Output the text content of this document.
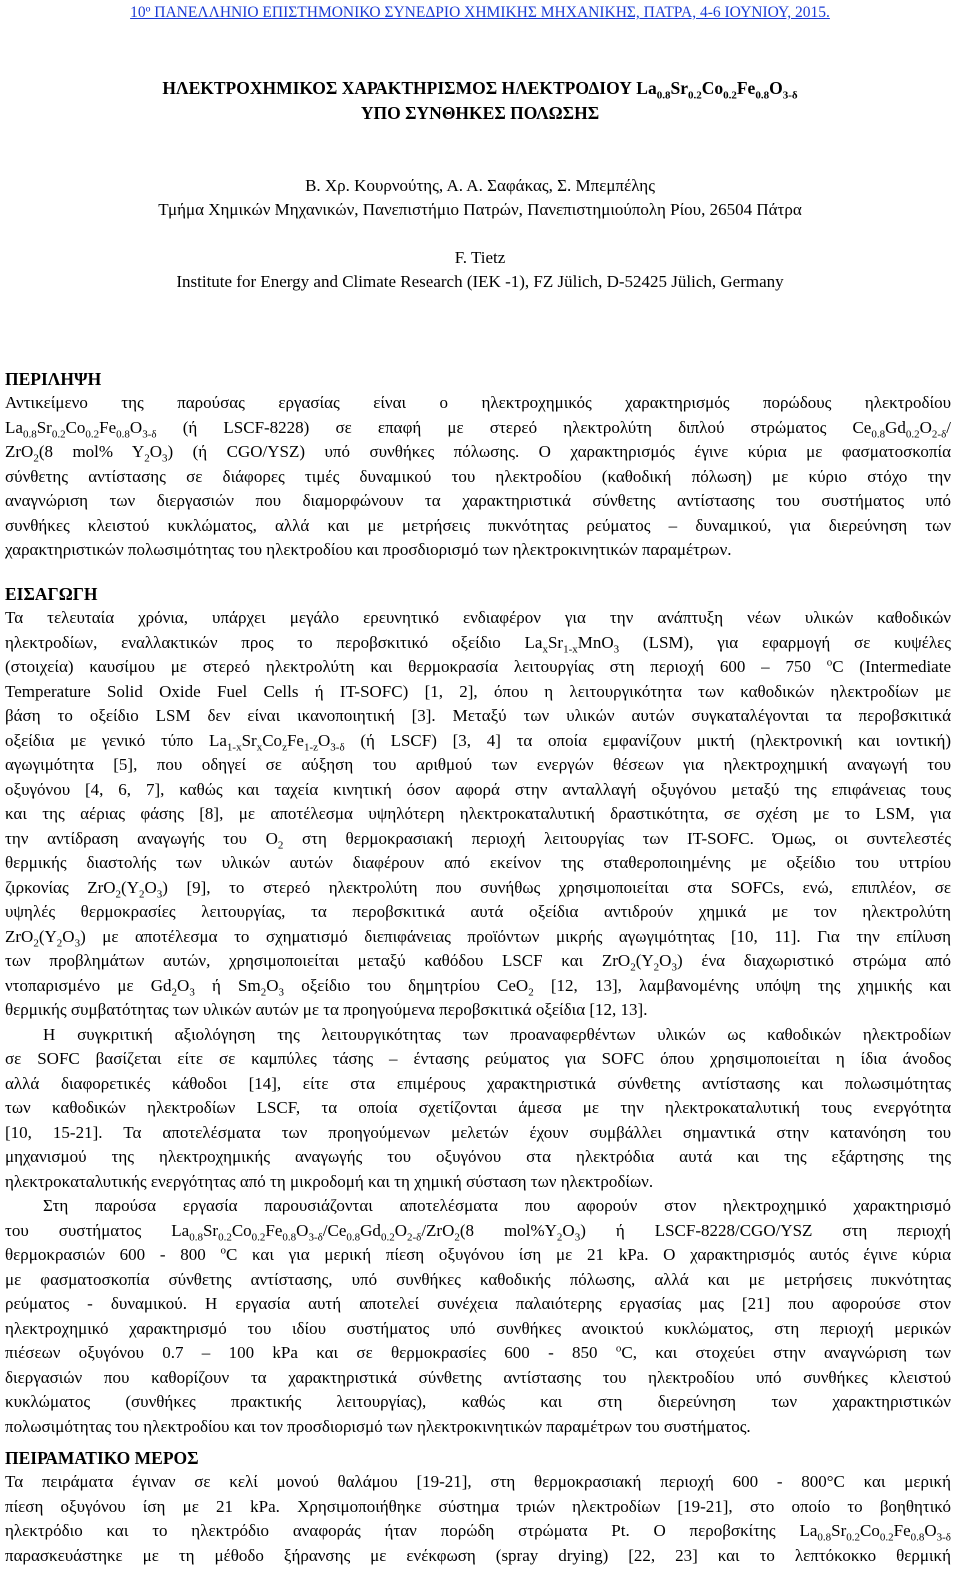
10º ΠΑΝΕΛΛΗΝΙΟ ΕΠΙΣΤΗΜΟΝΙΚΟ ΣΥΝΕΔΡΙΟ ΧΗΜΙΚΗΣ ΜΗΧΑΝΙΚΗΣ, ΠΑΤΡΑ, 4-6 ΙΟΥΝΙΟΥ, 2015.
ΗΛΕΚΤΡΟΧΗΜΙΚΟΣ ΧΑΡΑΚΤΗΡΙΣΜΟΣ ΗΛΕΚΤΡΟΔΙΟΥ $La_{0.8}Sr_{0.2}Co_{0.2}Fe_{0.8}O_{3-\delta}$
ΥΠΟ ΣΥΝΘΗΚΕΣ ΠΟΛΩΣΗΣ
Β. Χρ. Κουρνούτης, Α. Α. Σαφάκας, Σ. Μπεμπέλης
Τμήμα Χημικών Μηχανικών, Πανεπιστήμιο Πατρών, Πανεπιστημιούπολη Ρίου, 26504 Πάτρα
F. Tietz
Institute for Energy and Climate Research (IEK -1), FZ Jülich, D-52425 Jülich, Germany
ΠΕΡΙΛΗΨΗ
Αντικείμενο της παρούσας εργασίας είναι ο ηλεκτροχημικός χαρακτηρισμός πορώδους ηλεκτροδίου
$La_{0.8}Sr_{0.2}Co_{0.2}Fe_{0.8}O_{3-\delta}$ (ή LSCF-8228) σε επαφή με στερεό ηλεκτρολύτη διπλού στρώματος $Ce_{0.8}Gd_{0.2}O_{2-\delta}/$
ZrO$_2$(8 mol% $Y_2O_3$) (ή CGO/YSZ) υπό συνθήκες πόλωσης. Ο χαρακτηρισμός έγινε κύρια με φασματοσκοπία
σύνθετης αντίστασης σε διάφορες τιμές δυναμικού του ηλεκτροδίου (καθοδική πόλωση) με κύριο στόχο την
αναγνώριση των διεργασιών που διαμορφώνουν τα χαρακτηριστικά σύνθετης αντίστασης του συστήματος υπό
συνθήκες κλειστού κυκλώματος, αλλά και με μετρήσεις πυκνότητας ρεύματος – δυναμικού, για διερεύνηση των
χαρακτηριστικών πολωσιμότητας του ηλεκτροδίου και προσδιορισμό των ηλεκτροκινητικών παραμέτρων.
ΕΙΣΑΓΩΓΗ
Τα τελευταία χρόνια, υπάρχει μεγάλο ερευνητικό ενδιαφέρον για την ανάπτυξη νέων υλικών καθοδικών
ηλεκτροδίων, εναλλακτικών προς το περοβσκιτικό οξείδιο $La_xSr_{1-x}MnO_3$ (LSM), για εφαρμογή σε κυψέλες
(στοιχεία) καυσίμου με στερεό ηλεκτρολύτη και θερμοκρασία λειτουργίας στη περιοχή 600 – 750 $^o$C (Intermediate
Temperature Solid Oxide Fuel Cells ή IT-SOFC) [1, 2], όπου η λειτουργικότητα των καθοδικών ηλεκτροδίων με
βάση το οξείδιο LSM δεν είναι ικανοποιητική [3]. Μεταξύ των υλικών αυτών συγκαταλέγονται τα περοβσκιτικά
οξείδια με γενικό τύπο $La_{1-x}Sr_xCo_zFe_{1-z}O_{3-\delta}$ (ή LSCF) [3, 4] τα οποία εμφανίζουν μικτή (ηλεκτρονική και ιοντική)
αγωγιμότητα [5], που οδηγεί σε αύξηση του αριθμού των ενεργών θέσεων για ηλεκτροχημική αναγωγή του
οξυγόνου [4, 6, 7], καθώς και ταχεία κινητική όσον αφορά στην ανταλλαγή οξυγόνου μεταξύ της επιφάνειας τους
και της αέριας φάσης [8], με αποτέλεσμα υψηλότερη ηλεκτροκαταλυτική δραστικότητα, σε σχέση με το LSM, για
την αντίδραση αναγωγής του $O_2$ στη θερμοκρασιακή περιοχή λειτουργίας των IT-SOFC. Όμως, οι συντελεστές
θερμικής διαστολής των υλικών αυτών διαφέρουν από εκείνον της σταθεροποιημένης με οξείδιο του υττρίου
ζιρκονίας $ZrO_2(Y_2O_3)$ [9], το στερεό ηλεκτρολύτη που συνήθως χρησιμοποιείται στα SOFCs, ενώ, επιπλέον, σε
υψηλές θερμοκρασίες λειτουργίας, τα περοβσκιτικά αυτά οξείδια αντιδρούν χημικά με τον ηλεκτρολύτη
$ZrO_2(Y_2O_3)$ με αποτέλεσμα το σχηματισμό διεπιφάνειας προϊόντων μικρής αγωγιμότητας [10, 11]. Για την επίλυση
των προβλημάτων αυτών, χρησιμοποιείται μεταξύ καθόδου LSCF και $ZrO_2(Y_2O_3)$ ένα διαχωριστικό στρώμα από
ντοπαρισμένο με $Gd_2O_3$ ή $Sm_2O_3$ οξείδιο του δημητρίου CeO$_2$ [12, 13], λαμβανομένης υπόψη της χημικής και
θερμικής συμβατότητας των υλικών αυτών με τα προηγούμενα περοβσκιτικά οξείδια [12, 13].
Η συγκριτική αξιολόγηση της λειτουργικότητας των προαναφερθέντων υλικών ως καθοδικών ηλεκτροδίων
σε SOFC βασίζεται είτε σε καμπύλες τάσης – έντασης ρεύματος για SOFC όπου χρησιμοποιείται η ίδια άνοδος
αλλά διαφορετικές κάθοδοι [14], είτε στα επιμέρους χαρακτηριστικά σύνθετης αντίστασης και πολωσιμότητας
των καθοδικών ηλεκτροδίων LSCF, τα οποία σχετίζονται άμεσα με την ηλεκτροκαταλυτική τους ενεργότητα
[10, 15-21]. Τα αποτελέσματα των προηγούμενων μελετών έχουν συμβάλλει σημαντικά στην κατανόηση του
μηχανισμού της ηλεκτροχημικής αναγωγής του οξυγόνου στα ηλεκτρόδια αυτά και της εξάρτησης της
ηλεκτροκαταλυτικής ενεργότητας από τη μικροδομή και τη χημική σύσταση των ηλεκτροδίων.
Στη παρούσα εργασία παρουσιάζονται αποτελέσματα που αφορούν στον ηλεκτροχημικό χαρακτηρισμό
του συστήματος $La_{0.8}Sr_{0.2}Co_{0.2}Fe_{0.8}O_{3-\delta}/Ce_{0.8}Gd_{0.2}O_{2-\delta}/ZrO_2(8$ $mol\%Y_2O_3$) ή LSCF-8228/CGO/YSZ στη περιοχή
θερμοκρασιών 600 - 800 $^o$C και για μερική πίεση οξυγόνου ίση με 21 kPa. Ο χαρακτηρισμός αυτός έγινε κύρια
με φασματοσκοπία σύνθετης αντίστασης, υπό συνθήκες καθοδικής πόλωσης, αλλά και με μετρήσεις πυκνότητας
ρεύματος - δυναμικού. Η εργασία αυτή αποτελεί συνέχεια παλαιότερης εργασίας μας [21] που αφορούσε στον
ηλεκτροχημικό χαρακτηρισμό του ιδίου συστήματος υπό συνθήκες ανοικτού κυκλώματος, στη περιοχή μερικών
πιέσεων οξυγόνου 0.7 – 100 kPa και σε θερμοκρασίες 600 - 850 $^o$C, και στοχεύει στην αναγνώριση των
διεργασιών που καθορίζουν τα χαρακτηριστικά σύνθετης αντίστασης του ηλεκτροδίου υπό συνθήκες κλειστού
κυκλώματος (συνθήκες πρακτικής λειτουργίας), καθώς και στη διερεύνηση των χαρακτηριστικών
πολωσιμότητας του ηλεκτροδίου και τον προσδιορισμό των ηλεκτροκινητικών παραμέτρων του συστήματος.
ΠΕΙΡΑΜΑΤΙΚΟ ΜΕΡΟΣ
Τα πειράματα έγιναν σε κελί μονού θαλάμου [19-21], στη θερμοκρασιακή περιοχή 600 - 800°C και μερική
πίεση οξυγόνου ίση με 21 kPa. Χρησιμοποιήθηκε σύστημα τριών ηλεκτροδίων [19-21], στο οποίο το βοηθητικό
ηλεκτρόδιο και το ηλεκτρόδιο αναφοράς ήταν πορώδη στρώματα Pt. Ο περοβσκίτης $La_{0.8}Sr_{0.2}Co_{0.2}Fe_{0.8}O_{3-\delta}$
παρασκευάστηκε με τη μέθοδο ξήρανσης με ενέκφωση (spray drying) [22, 23] και το λεπτόκοκκο θερμική
